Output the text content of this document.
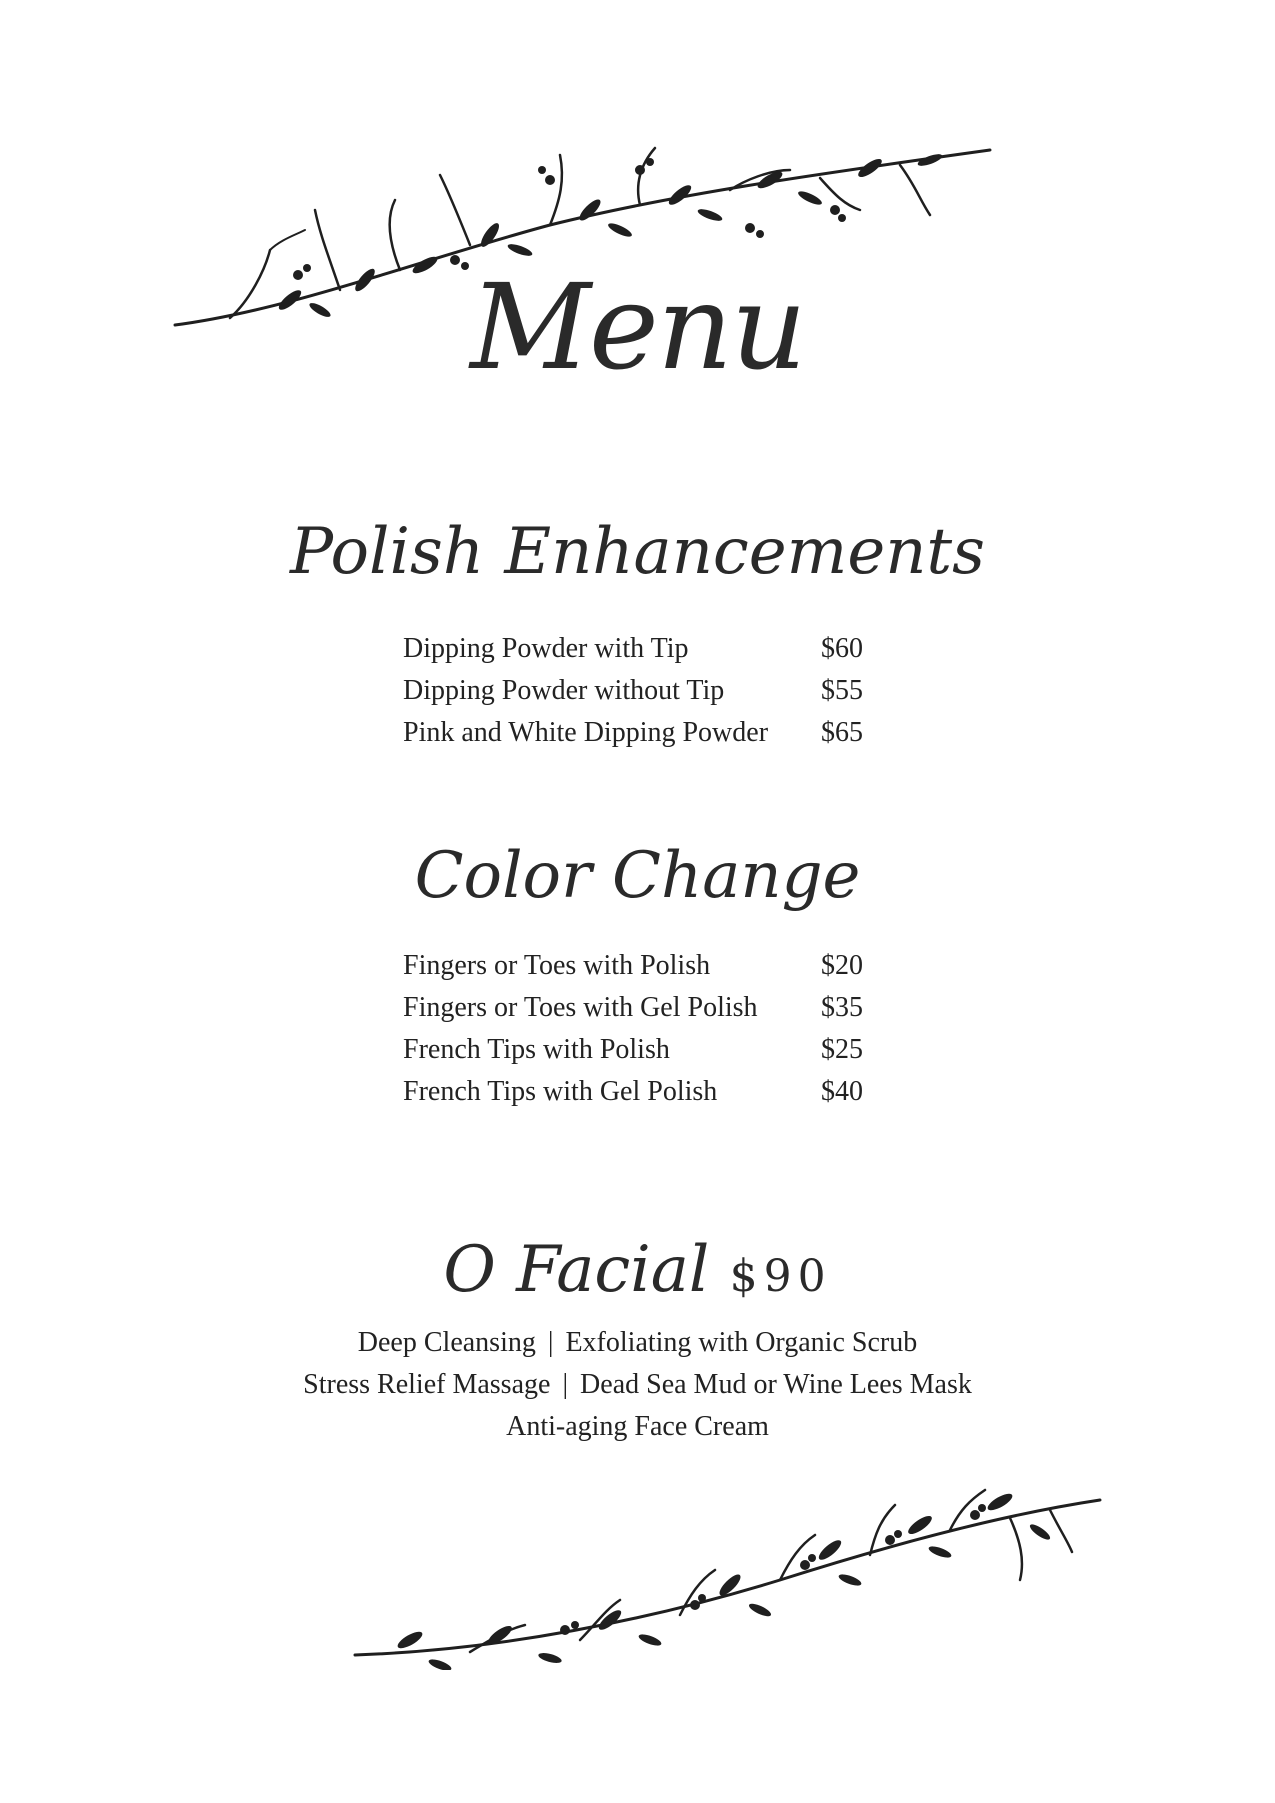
Menu
Polish Enhancements
Dipping Powder with Tip	$60
Dipping Powder without Tip	$55
Pink and White Dipping Powder $65
Color Change
Fingers or Toes with Polish	$20
Fingers or Toes with Gel Polish $35
French Tips with Polish	$25
French Tips with Gel Polish	$40
O Facial $90
Deep Cleansing | Exfoliating with Organic Scrub
Stress Relief Massage | Dead Sea Mud or Wine Lees Mask
Anti-aging Face Cream
